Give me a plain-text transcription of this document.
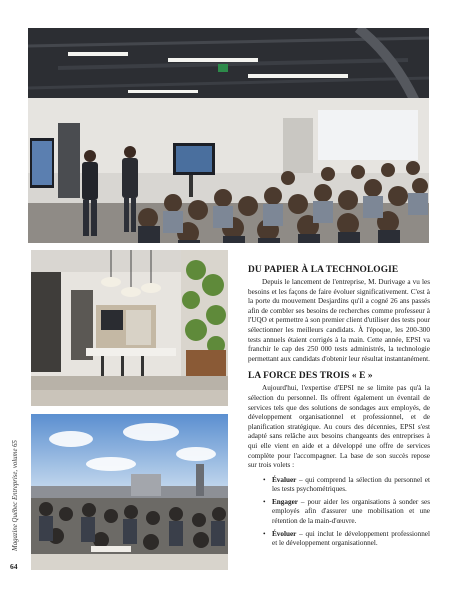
DU PAPIER À LA TECHNOLOGIE

Depuis le lancement de l'entreprise, M. Durivage a vu les besoins et les façons de faire évoluer significativement. C'est à la porte du mouvement Desjardins qu'il a cogné 26 ans passés afin de combler ses besoins de recherches comme professeur à l'UQO et permettre à son premier client d'utiliser des tests pour sélectionner les meilleurs candidats. À l'époque, les 200-300 tests annuels étaient corrigés à la main. Cette année, EPSI va franchir le cap des 250 000 tests administrés, la technologie permettant aux candidats d'obtenir leur résultat instantanément.

LA FORCE DES TROIS « E »

Aujourd'hui, l'expertise d'EPSI ne se limite pas qu'à la sélection du personnel. Ils offrent également un éventail de services tels que des solutions de sondages aux employés, de développement organisationnel et professionnel, et de planification stratégique. Au cours des décennies, EPSI s'est adapté sans relâche aux besoins changeants des entreprises à qui elle vient en aide et a développé une offre de services complète pour l'accompagner. La base de son succès repose sur trois volets :

• Évaluer – qui comprend la sélection du personnel et les tests psychométriques.
• Engager – pour aider les organisations à sonder ses employés afin d'assurer une mobilisation et une rétention de la main-d'œuvre.
• Évoluer – qui inclut le développement professionnel et le développement organisationnel.
Magazine Québec Entreprise, volume 65
64
